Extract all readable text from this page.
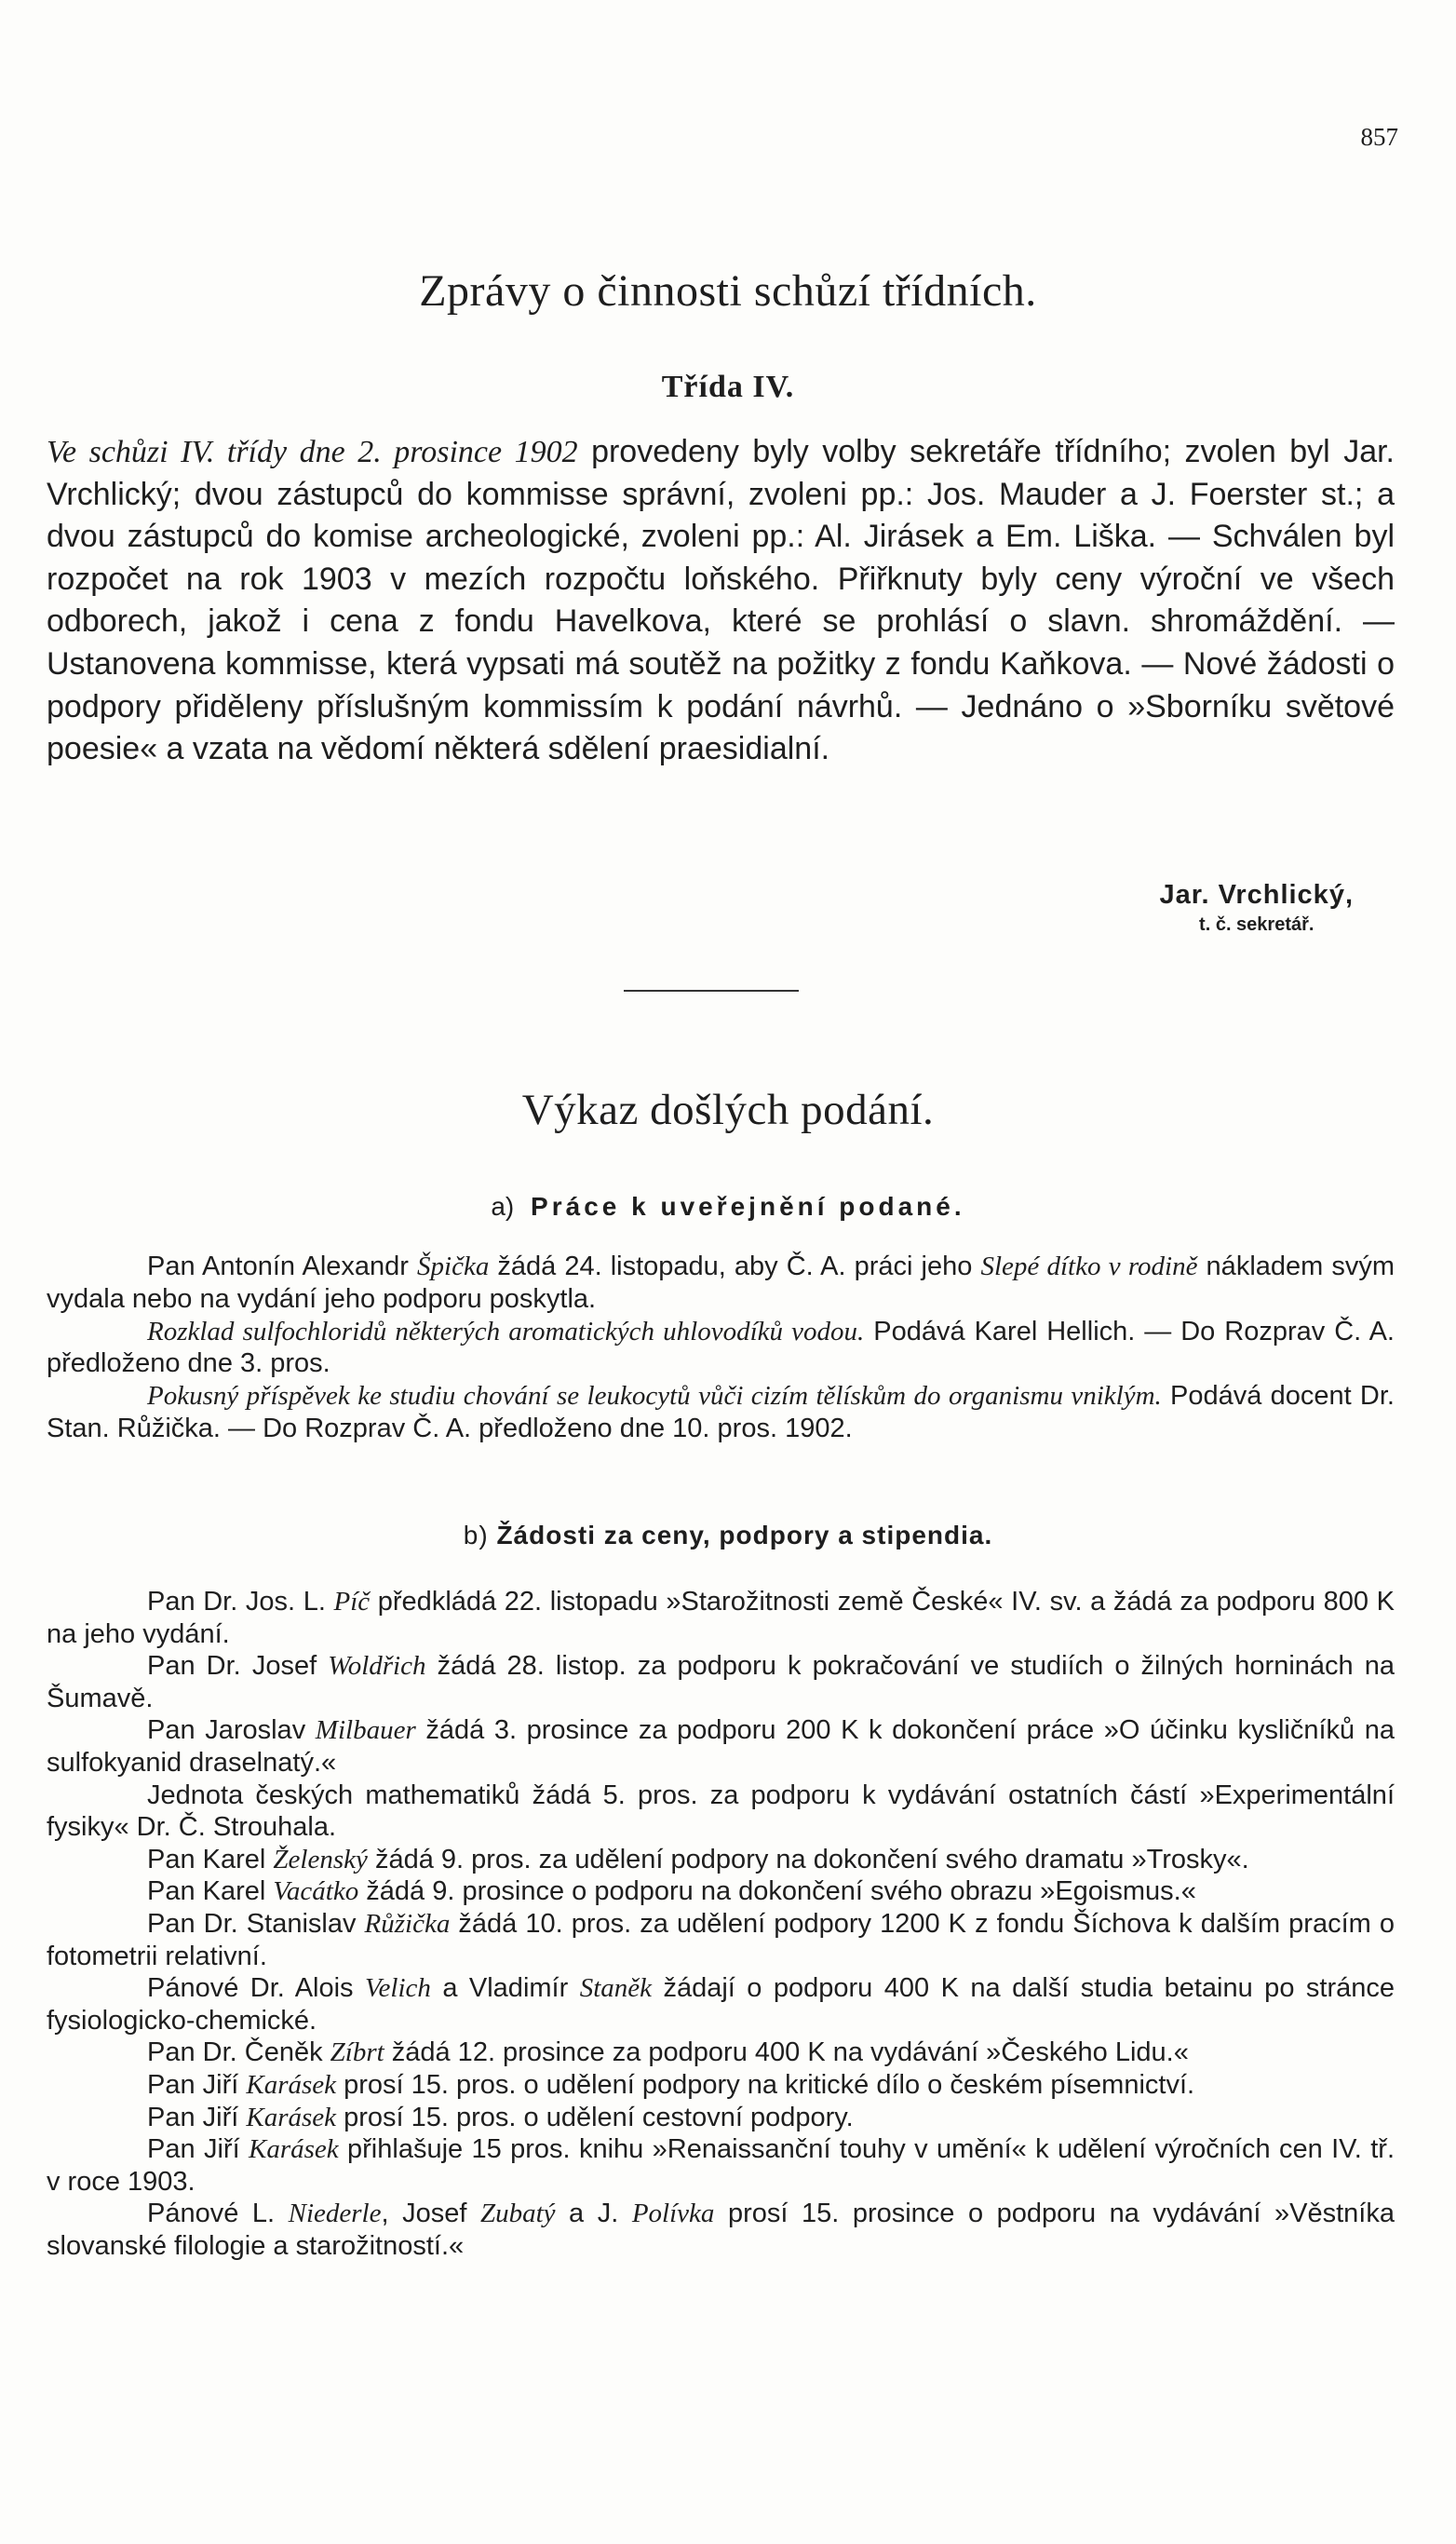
857
Zprávy o činnosti schůzí třídních.
Třída IV.

Ve schůzi IV. třídy dne 2. prosince 1902 provedeny byly volby sekretáře třídního; zvolen byl Jar. Vrchlický; dvou zástupců do kommisse správní, zvoleni pp.: Jos. Mauder a J. Foerster st.; a dvou zástupců do komise archeologické, zvoleni pp.: Al. Jirásek a Em. Liška. — Schválen byl rozpočet na rok 1903 v mezích rozpočtu loňského. Přiřknuty byly ceny výroční ve všech odborech, jakož i cena z fondu Havelkova, které se prohlásí o slavn. shromáždění. — Ustanovena kommisse, která vypsati má soutěž na požitky z fondu Kaňkova. — Nové žádosti o podpory přiděleny příslušným kommissím k podání návrhů. — Jednáno o »Sborníku světové poesie« a vzata na vědomí některá sdělení praesidialní.

Jar. Vrchlický,
t. č. sekretář.
Výkaz došlých podání.
a) Práce k uveřejnění podané.

Pan Antonín Alexandr Špička žádá 24. listopadu, aby Č. A. práci jeho Slepé dítko v rodině nákladem svým vydala nebo na vydání jeho podporu poskytla.

Rozklad sulfochloridů některých aromatických uhlovodíků vodou. Podává Karel Hellich. — Do Rozprav Č. A. předloženo dne 3. pros.

Pokusný příspěvek ke studiu chování se leukocytů vůči cizím tělískům do organismu vniklým. Podává docent Dr. Stan. Růžička. — Do Rozprav Č. A. předloženo dne 10. pros. 1902.

b) Žádosti za ceny, podpory a stipendia.

Pan Dr. Jos. L. Píč předkládá 22. listopadu »Starožitnosti země České« IV. sv. a žádá za podporu 800 K na jeho vydání.

Pan Dr. Josef Woldřich žádá 28. listop. za podporu k pokračování ve studiích o žilných horninách na Šumavě.

Pan Jaroslav Milbauer žádá 3. prosince za podporu 200 K k dokončení práce »O účinku kysličníků na sulfokyanid draselnatý.«

Jednota českých mathematiků žádá 5. pros. za podporu k vydávání ostatních částí »Experimentální fysiky« Dr. Č. Strouhala.

Pan Karel Želenský žádá 9. pros. za udělení podpory na dokončení svého dramatu »Trosky«.

Pan Karel Vacátko žádá 9. prosince o podporu na dokončení svého obrazu »Egoismus.«

Pan Dr. Stanislav Růžička žádá 10. pros. za udělení podpory 1200 K z fondu Šíchova k dalším pracím o fotometrii relativní.

Pánové Dr. Alois Velich a Vladimír Staněk žádají o podporu 400 K na další studia betainu po stránce fysiologicko-chemické.

Pan Dr. Čeněk Zíbrt žádá 12. prosince za podporu 400 K na vydávání »Českého Lidu.«

Pan Jiří Karásek prosí 15. pros. o udělení podpory na kritické dílo o českém písemnictví.

Pan Jiří Karásek prosí 15. pros. o udělení cestovní podpory.

Pan Jiří Karásek přihlašuje 15 pros. knihu »Renaissanční touhy v umění« k udělení výročních cen IV. tř. v roce 1903.

Pánové L. Niederle, Josef Zubatý a J. Polívka prosí 15. prosince o podporu na vydávání »Věstníka slovanské filologie a starožitností.«
